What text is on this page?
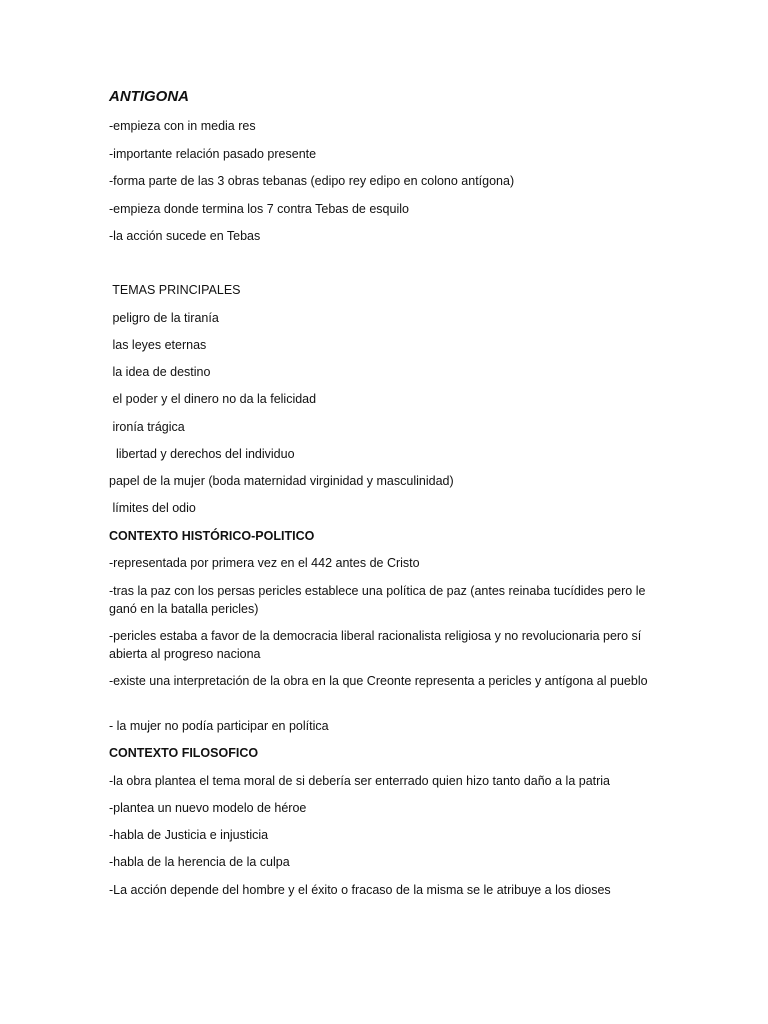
ANTIGONA
-empieza con in media res
-importante relación pasado presente
-forma parte de las 3 obras tebanas (edipo rey edipo en colono antígona)
-empieza donde termina los 7 contra Tebas de esquilo
-la acción sucede en Tebas
TEMAS PRINCIPALES
peligro de la tiranía
las leyes eternas
la idea de destino
el poder y el dinero no da la felicidad
ironía trágica
libertad y derechos del individuo
papel de la mujer (boda maternidad virginidad y masculinidad)
límites del odio
CONTEXTO HISTÓRICO-POLITICO
-representada por primera vez en el 442 antes de Cristo
-tras la paz con los persas pericles establece una política de paz (antes reinaba tucídides pero le ganó en la batalla pericles)
-pericles estaba a favor de la democracia liberal racionalista religiosa y no revolucionaria pero sí abierta al progreso naciona
-existe una interpretación de la obra en la que Creonte representa a pericles y antígona al pueblo
- la mujer no podía participar en política
CONTEXTO FILOSOFICO
-la obra plantea el tema moral de si debería ser enterrado quien hizo tanto daño a la patria
-plantea un nuevo modelo de héroe
-habla de Justicia e injusticia
-habla de la herencia de la culpa
-La acción depende del hombre y el éxito o fracaso de la misma se le atribuye a los dioses
